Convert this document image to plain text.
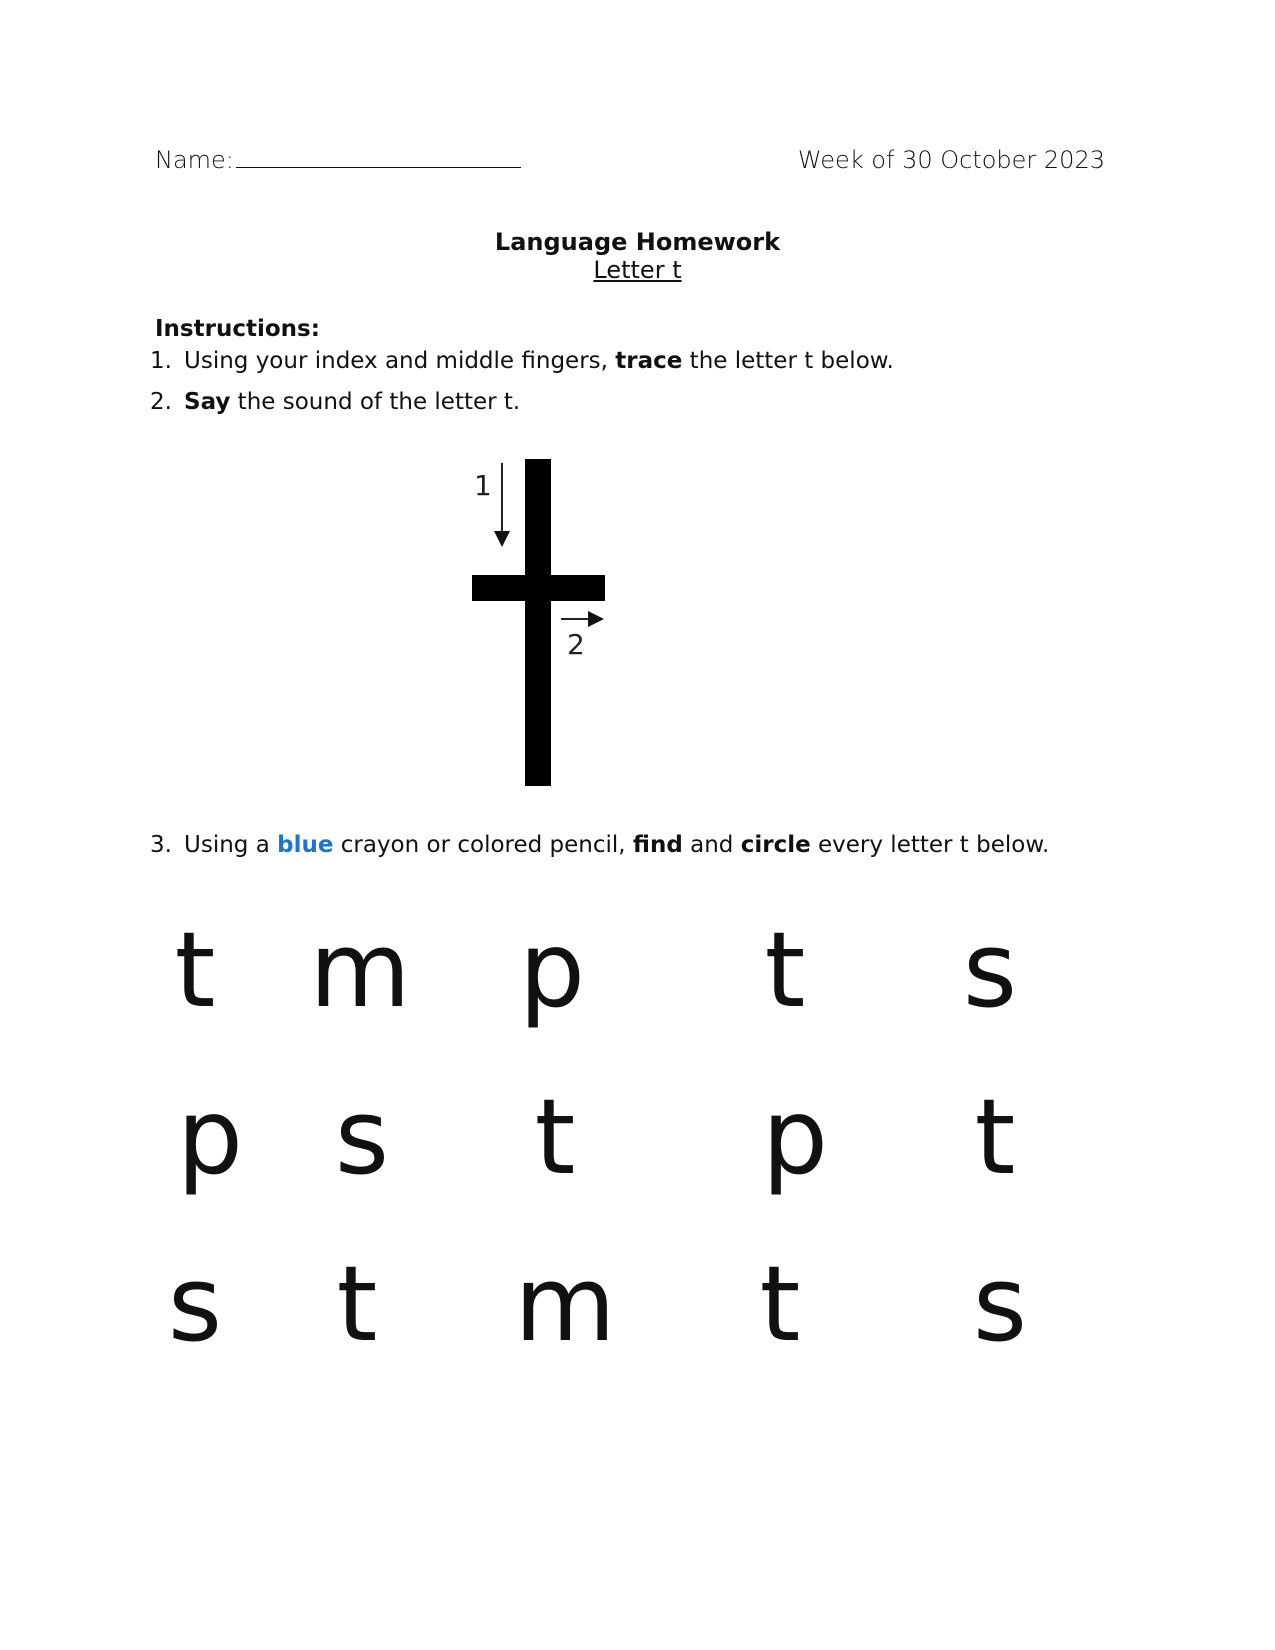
Name:	Week of 30 October 2023
Language Homework
Letter t
Instructions:
1. Using your index and middle fingers, trace the letter t below.
2. Say the sound of the letter t.
1
2
3. Using a blue crayon or colored pencil, find and circle every letter t below.
t m p t s
p s t p t
s t m t s
